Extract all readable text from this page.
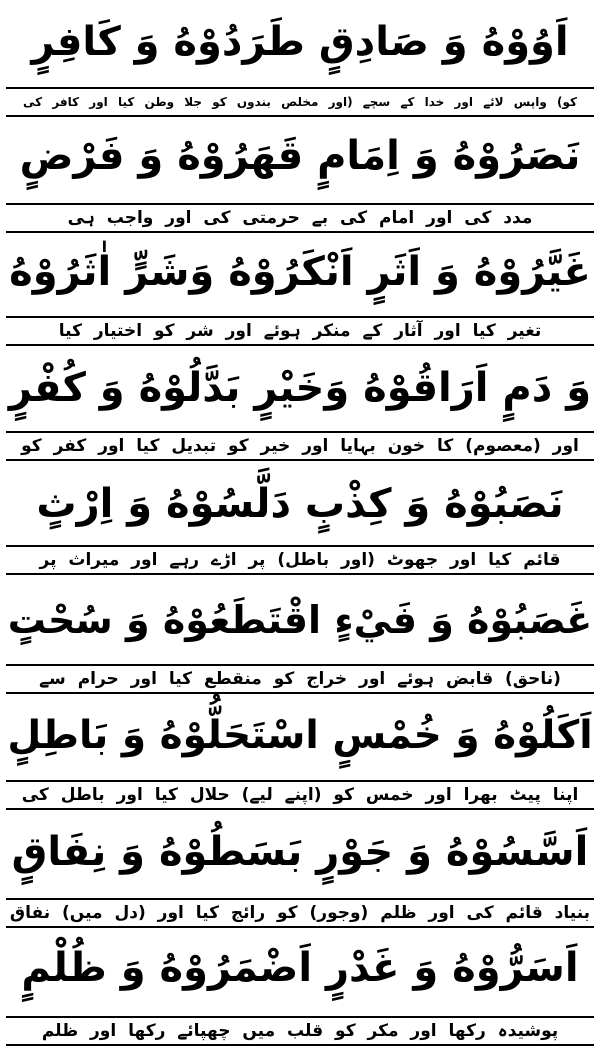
اَوُوْهُ وَ صَادِقٍ طَرَدُوْهُ وَ كَافِرٍ
کو) واپس لائے اور خدا کے سچے (اور مخلص بندوں کو جلا وطن کیا اور کافر کی
نَصَرُوْهُ وَ اِمَامٍ قَهَرُوْهُ وَ فَرْضٍ
مدد کی اور امام کی بے حرمتی کی اور واجب ہی
غَيَّرُوْهُ وَ اَثَرٍ اَنْكَرُوْهُ وَشَرٍّ اٰثَرُوْهُ
تغیر کیا اور آثار کے منکر ہوئے اور شر کو اختیار کیا
وَ دَمٍ اَرَاقُوْهُ وَخَيْرٍ بَدَّلُوْهُ وَ كُفْرٍ
اور (معصوم) کا خون بہایا اور خیر کو تبدیل کیا اور کفر کو
نَصَبُوْهُ وَ كِذْبٍ دَلَّسُوْهُ وَ اِرْثٍ
قائم کیا اور جھوٹ (اور باطل) پر اڑے رہے اور میراث پر
غَصَبُوْهُ وَ فَيْءٍ اقْتَطَعُوْهُ وَ سُحْتٍ
(ناحق) قابض ہوئے اور خراج کو منقطع کیا اور حرام سے
اَكَلُوْهُ وَ خُمْسٍ اسْتَحَلُّوْهُ وَ بَاطِلٍ
اپنا پیٹ بھرا اور خمس کو (اپنے لیے) حلال کیا اور باطل کی
اَسَّسُوْهُ وَ جَوْرٍ بَسَطُوْهُ وَ نِفَاقٍ
بنیاد قائم کی اور ظلم (وجور) کو رائج کیا اور (دل میں) نفاق
اَسَرُّوْهُ وَ غَدْرٍ اَضْمَرُوْهُ وَ ظُلْمٍ
پوشیدہ رکھا اور مکر کو قلب میں چھپائے رکھا اور ظلم
